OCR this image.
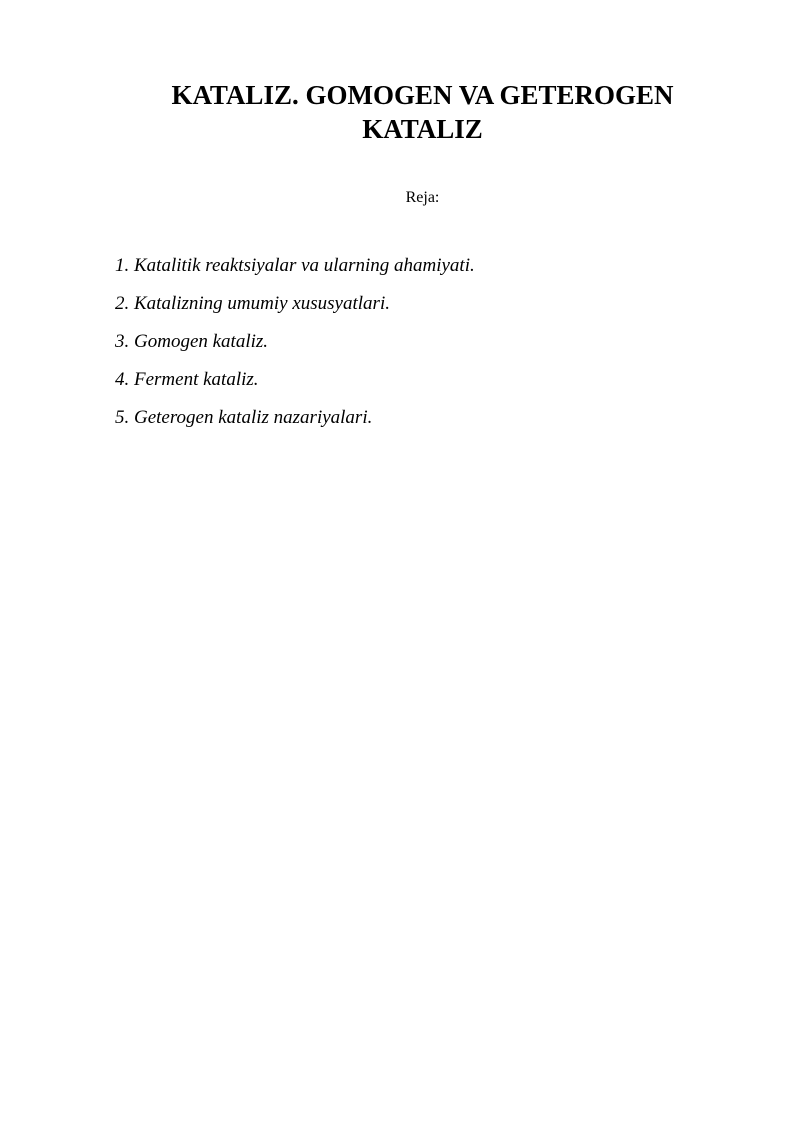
KATALIZ. GOMOGEN VA GETEROGEN
KATALIZ

Reja:

1. Katalitik reaktsiyalar va ularning ahamiyati.
2. Katalizning umumiy xususyatlari.
3. Gomogen kataliz.
4. Ferment kataliz.
5. Geterogen kataliz nazariyalari.
